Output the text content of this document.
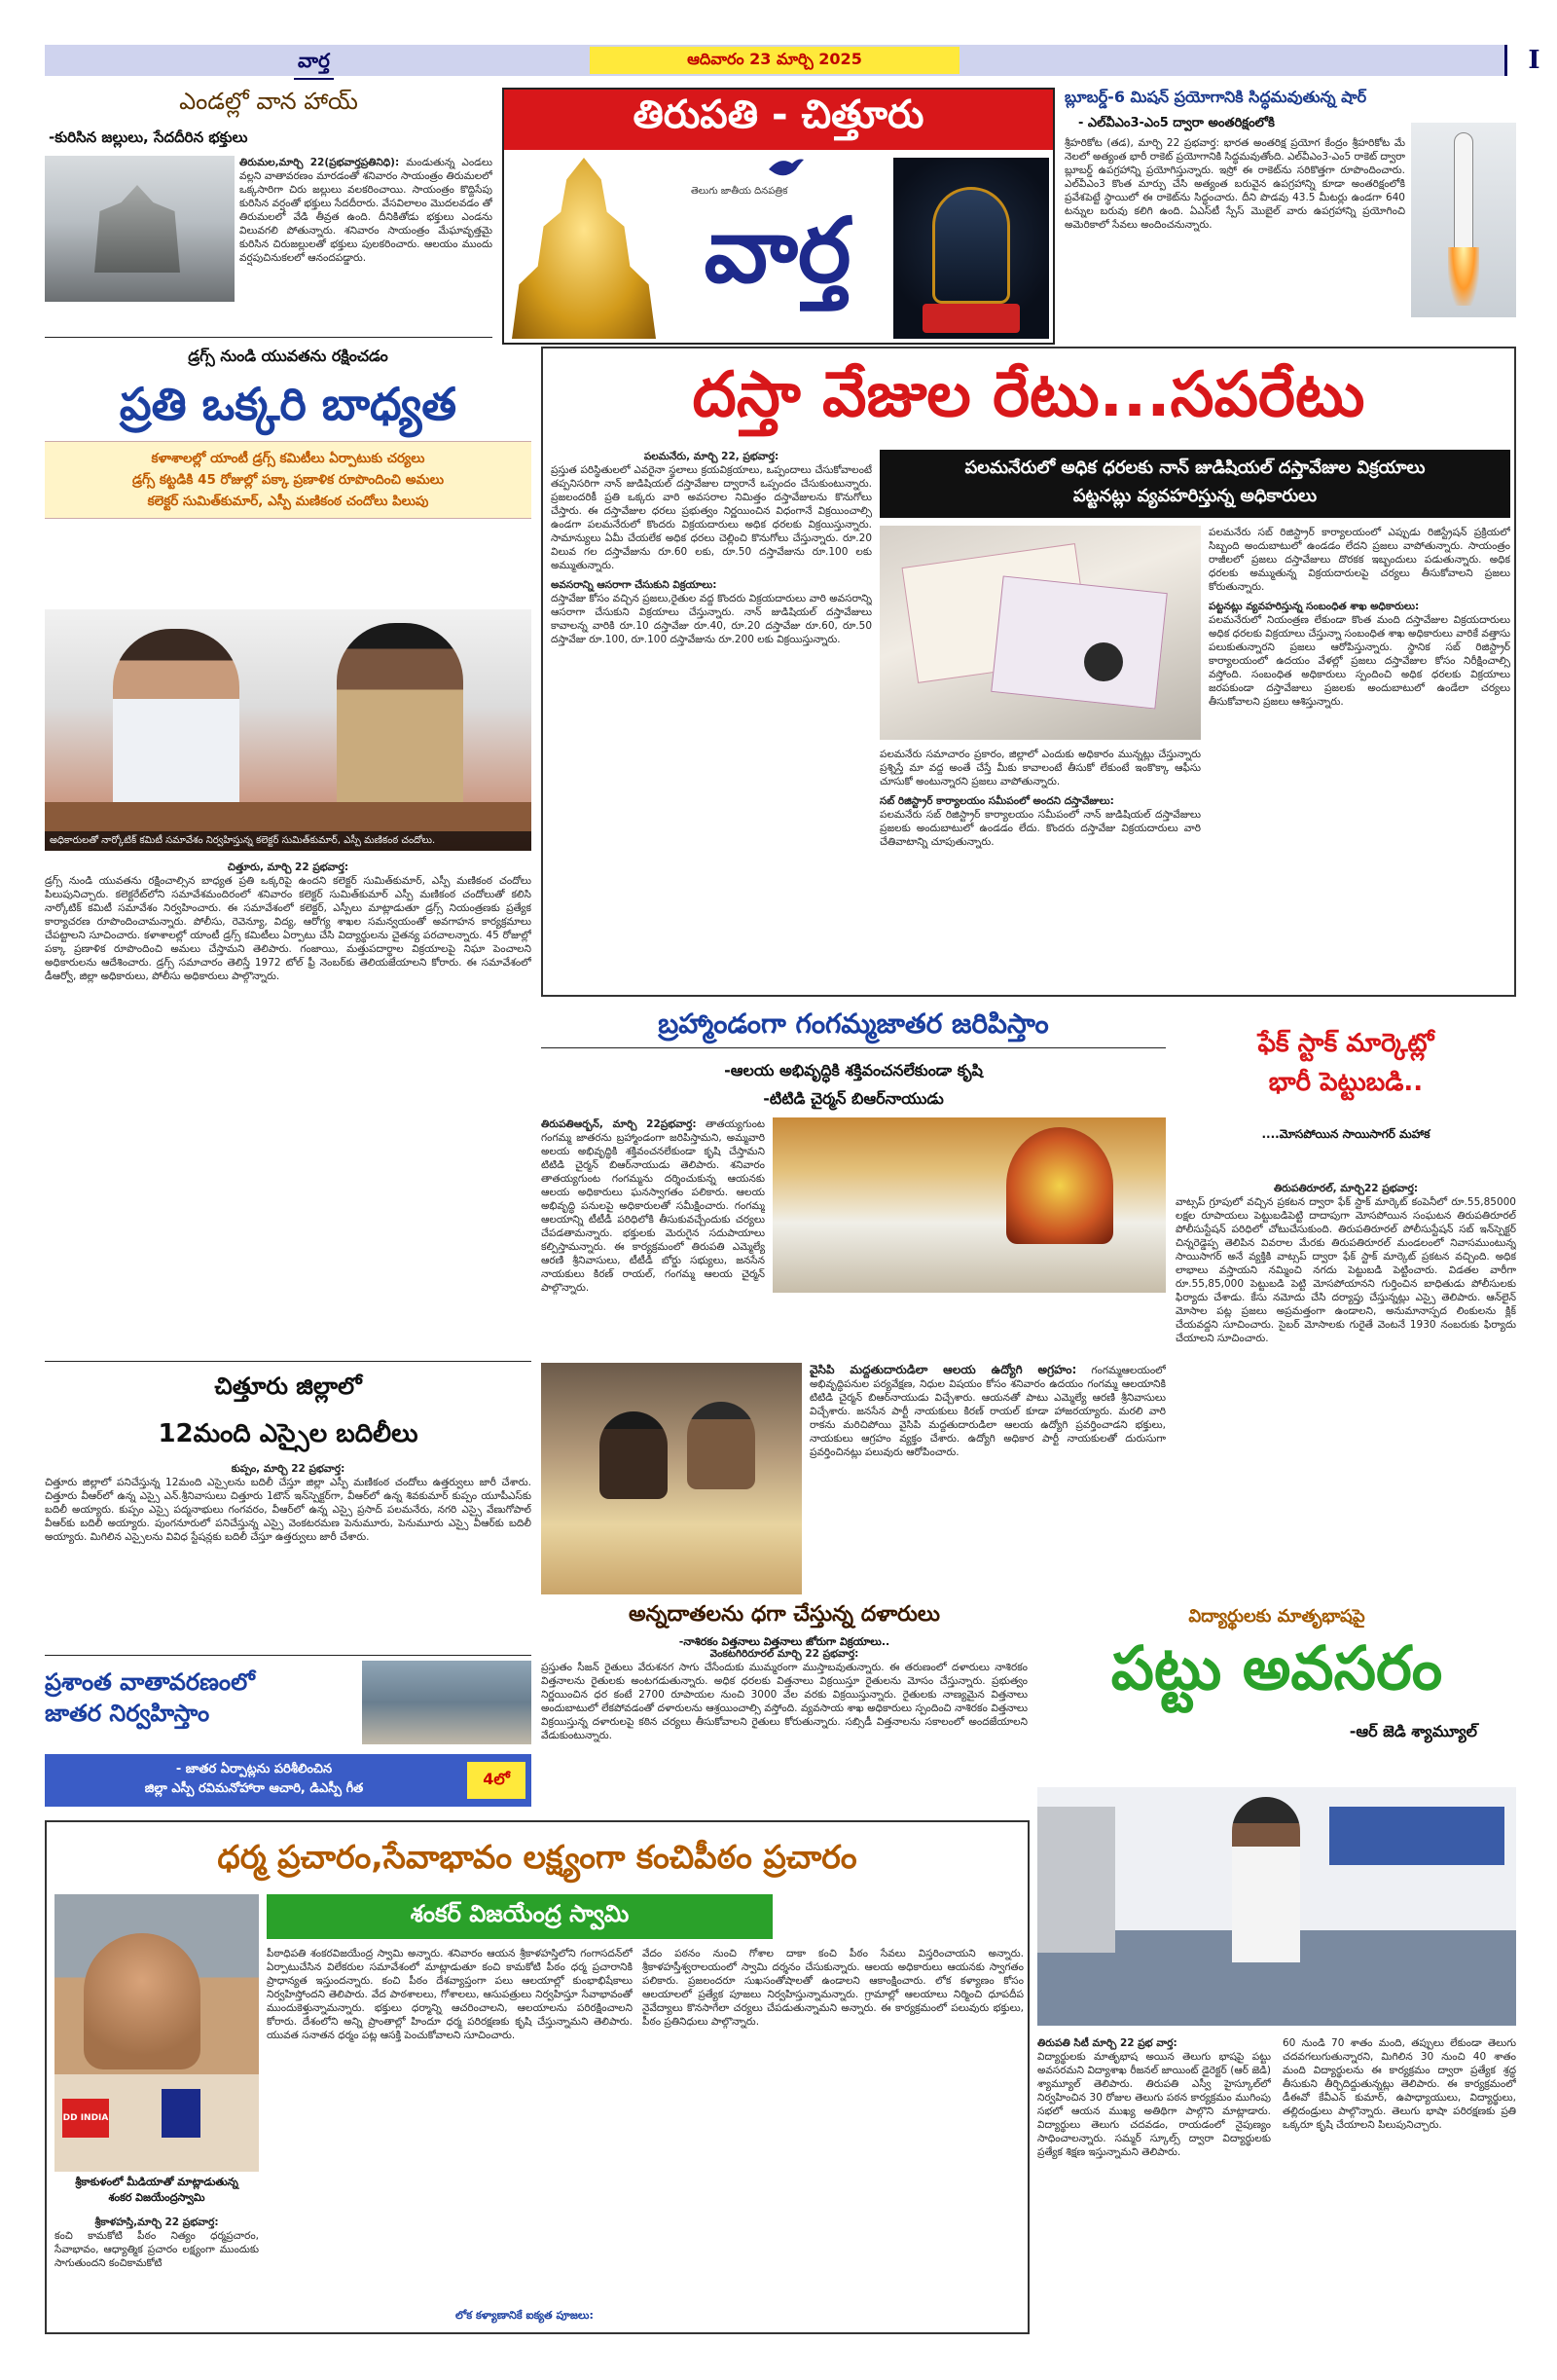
వార్త	ఆదివారం 23 మార్చి 2025	I
ఎండల్లో వాన హాయ్
-కురిసిన జల్లులు, సేదదీరిన భక్తులు
తిరుమల,మార్చి 22(ప్రభవార్తప్రతినిధి): మండుతున్న ఎండలు వల్లని వాతావరణం మారడంతో శనివారం సాయంత్రం తిరుమలలో ఒక్కసారిగా చిరు జల్లులు వలకరించాయి. సాయంత్రం కొద్దిసేపు కురిసిన వర్షంతో భక్తులు సేదదీరారు. వేసవిలాలం మొదలవడం తో తిరుమలలో వేడి తీవ్రత ఉంది. దీనికితోడు భక్తులు ఎండను విలువగలి పోతున్నారు. శనివారం సాయంత్రం మేఘావృత్తమై కురిసిన చిరుజల్లులతో భక్తులు పులకరించారు. ఆలయం ముందు వర్షపుచినుకలలో ఆనందపడ్డారు.
తిరుపతి - చిత్తూరు
తెలుగు జాతీయ దినపత్రిక
వార్త
బ్లూబర్డ్-6 మిషన్ ప్రయోగానికి సిద్ధమవుతున్న షార్
- ఎల్‌వీఎం3-ఎం5 ద్వారా అంతరిక్షంలోకి
శ్రీహరికోట (తడ), మార్చి 22 ప్రభవార్త: భారత అంతరిక్ష ప్రయోగ కేంద్రం శ్రీహరికోట మే నెలలో అత్యంత భారీ రాకెట్ ప్రయోగానికి సిద్ధమవుతోంది. ఎల్‌వీఎం3-ఎం5 రాకెట్ ద్వారా బ్లూబర్డ్ ఉపగ్రహాన్ని ప్రయోగిస్తున్నారు. ఇస్రో ఈ రాకెట్‌ను సరికొత్తగా రూపొందించారు. ఎల్‌వీఎం3 కొంత మార్పు చేసి అత్యంత బరువైన ఉపగ్రహాన్ని కూడా అంతరిక్షంలోకి ప్రవేశపెట్టే స్థాయిలో ఈ రాకెట్‌ను సిద్ధంచారు. దీని పొడవు 43.5 మీటర్లు ఉండగా 640 టన్నుల బరువు కలిగి ఉంది. ఏఎస్‌టీ స్పేస్ మొబైల్ వారు ఉపగ్రహాన్ని ప్రయోగించి అమెరికాలో సేవలు అందించనున్నారు.
డ్రగ్స్ నుండి యువతను రక్షించడం
ప్రతి ఒక్కరి బాధ్యత
కళాశాలల్లో యాంటీ డ్రగ్స్ కమిటీలు ఏర్పాటుకు చర్యలు
డ్రగ్స్ కట్టడికి 45 రోజుల్లో పక్కా ప్రణాళిక రూపొందించి అమలు
కలెక్టర్ సుమిత్‌కుమార్, ఎస్పీ మణికంఠ చందోలు పిలుపు
అధికారులతో నార్కోటిక్ కమిటీ సమావేశం నిర్వహిస్తున్న కలెక్టర్ సుమిత్‌కుమార్, ఎస్పీ మణికంఠ చందోలు.
చిత్తూరు, మార్చి 22 ప్రభవార్త:
డ్రగ్స్ నుండి యువతను రక్షించాల్సిన బాధ్యత ప్రతి ఒక్కరిపై ఉందని కలెక్టర్ సుమిత్‌కుమార్, ఎస్పీ మణికంఠ చందోలు పిలుపునిచ్చారు. కలెక్టరేట్‌లోని సమావేశమందిరంలో శనివారం కలెక్టర్ సుమిత్‌కుమార్ ఎస్పీ మణికంఠ చందోలుతో కలిసి నార్కోటిక్ కమిటీ సమావేశం నిర్వహించారు. ఈ సమావేశంలో కలెక్టర్, ఎస్పీలు మాట్లాడుతూ డ్రగ్స్ నియంత్రణకు ప్రత్యేక కార్యాచరణ రూపొందించామన్నారు. పోలీసు, రెవెన్యూ, విద్య, ఆరోగ్య శాఖల సమన్వయంతో అవగాహన కార్యక్రమాలు చేపట్టాలని సూచించారు. కళాశాలల్లో యాంటీ డ్రగ్స్ కమిటీలు ఏర్పాటు చేసి విద్యార్థులను చైతన్య పరచాలన్నారు. 45 రోజుల్లో పక్కా ప్రణాళిక రూపొందించి అమలు చేస్తామని తెలిపారు. గంజాయి, మత్తుపదార్థాల విక్రయాలపై నిఘా పెంచాలని అధికారులను ఆదేశించారు. డ్రగ్స్ సమాచారం తెలిస్తే 1972 టోల్ ఫ్రీ నెంబర్‌కు తెలియజేయాలని కోరారు. ఈ సమావేశంలో డీఆర్వో, జిల్లా అధికారులు, పోలీసు అధికారులు పాల్గొన్నారు.
చిత్తూరు జిల్లాలో
12మంది ఎస్సైల బదిలీలు
కుప్పం, మార్చి 22 ప్రభవార్త:
చిత్తూరు జిల్లాలో పనిచేస్తున్న 12మంది ఎస్సైలను బదిలీ చేస్తూ జిల్లా ఎస్పీ మణికంఠ చందోలు ఉత్తర్వులు జారీ చేశారు. చిత్తూరు వీఆర్‌లో ఉన్న ఎస్సై ఎన్‌.శ్రీనివాసులు చిత్తూరు 1టౌన్ ఇన్‌స్పెక్టర్‌గా, వీఆర్‌లో ఉన్న శివకుమార్ కుప్పం యూపీఎస్‌కు బదిలీ అయ్యారు. కుప్పం ఎస్సై పద్మనాభులు గంగవరం, వీఆర్‌లో ఉన్న ఎస్సై ప్రసాద్ పలమనేరు, నగరి ఎస్సై వేణుగోపాల్ వీఆర్‌కు బదిలీ అయ్యారు. పుంగనూరులో పనిచేస్తున్న ఎస్సై వెంకటరమణ పెనుమూరు, పెనుమూరు ఎస్సై వీఆర్‌కు బదిలీ అయ్యారు. మిగిలిన ఎస్సైలను వివిధ స్టేషన్లకు బదిలీ చేస్తూ ఉత్తర్వులు జారీ చేశారు.
ప్రశాంత వాతావరణంలో
జాతర నిర్వహిస్తాం
- జాతర ఏర్పాట్లను పరిశీలించిన
జిల్లా ఎస్పీ రవిమనోహారా ఆచారి, డిఎస్పీ గీత
4లో
దస్తా వేజుల రేటు...సపరేటు
పలమనేరు, మార్చి 22, ప్రభవార్త:
ప్రస్తుత పరిస్థితులలో ఎవరైనా స్థలాలు క్రయవిక్రయాలు, ఒప్పందాలు చేసుకోవాలంటే తప్పనిసరిగా నాన్ జుడిషియల్ దస్తావేజుల ద్వారానే ఒప్పందం చేసుకుంటున్నారు. ప్రజలందరికీ ప్రతి ఒక్కరు వారి అవసరాల నిమిత్తం దస్తావేజులను కొనుగోలు చేస్తారు. ఈ దస్తావేజుల ధరలు ప్రభుత్వం నిర్ణయించిన విధంగానే విక్రయించాల్సి ఉండగా పలమనేరులో కొందరు విక్రయదారులు అధిక ధరలకు విక్రయిస్తున్నారు. సామాన్యులు ఏమీ చేయలేక అధిక ధరలు చెల్లించి కొనుగోలు చేస్తున్నారు. రూ.20 విలువ గల దస్తావేజును రూ.60 లకు, రూ.50 దస్తావేజును రూ.100 లకు అమ్ముతున్నారు.
అవసరాన్ని ఆసరాగా చేసుకుని విక్రయాలు:
దస్తావేజు కోసం వచ్చిన ప్రజలు,రైతుల వద్ద కొందరు విక్రయదారులు వారి అవసరాన్ని ఆసరాగా చేసుకుని విక్రయాలు చేస్తున్నారు. నాన్ జుడిషియల్ దస్తావేజులు కావాలన్న వారికి రూ.10 దస్తావేజు రూ.40, రూ.20 దస్తావేజు రూ.60, రూ.50 దస్తావేజు రూ.100, రూ.100 దస్తావేజును రూ.200 లకు విక్రయిస్తున్నారు.
పలమనేరులో అధిక ధరలకు నాన్ జుడిషియల్ దస్తావేజుల విక్రయాలు
పట్టనట్లు వ్యవహరిస్తున్న అధికారులు
పలమనేరు సమాచారం ప్రకారం, జిల్లాలో ఎందుకు అధికారం మున్నట్లు చేస్తున్నారు ప్రశ్నిస్తే మా వద్ద అంతే చేస్తే మీకు కావాలంటే తీసుకో లేకుంటే ఇంకొక్కా ఆఫీసు చూసుకో అంటున్నారని ప్రజలు వాపోతున్నారు.
సబ్ రిజిస్ట్రార్ కార్యాలయం సమీపంలో అందని దస్తావేజులు:
పలమనేరు సబ్ రిజిస్ట్రార్ కార్యాలయం సమీపంలో నాన్ జుడిషియల్ దస్తావేజులు ప్రజలకు అందుబాటులో ఉండడం లేదు. కొందరు దస్తావేజు విక్రయదారులు వారి చేతివాటాన్ని చూపుతున్నారు.
పలమనేరు సబ్ రిజిస్ట్రార్ కార్యాలయంలో ఎప్పుడు రిజిస్ట్రేషన్ ప్రక్రియలో సిబ్బంది అందుబాటులో ఉండడం లేదని ప్రజలు వాపోతున్నారు. సాయంత్రం రాజీలలో ప్రజలు దస్తావేజులు దొరకక ఇబ్బందులు పడుతున్నారు. అధిక ధరలకు అమ్ముతున్న విక్రయదారులపై చర్యలు తీసుకోవాలని ప్రజలు కోరుతున్నారు.
పట్టనట్లు వ్యవహరిస్తున్న సంబంధిత శాఖ అధికారులు:
పలమనేరులో నియంత్రణ లేకుండా కొంత మంది దస్తావేజుల విక్రయదారులు అధిక ధరలకు విక్రయాలు చేస్తున్నా సంబంధిత శాఖ అధికారులు వారికే వత్తాసు పలుకుతున్నారని ప్రజలు ఆరోపిస్తున్నారు. స్థానిక సబ్ రిజిస్ట్రార్ కార్యాలయంలో ఉదయం వేళల్లో ప్రజలు దస్తావేజుల కోసం నిరీక్షించాల్సి వస్తోంది. సంబంధిత అధికారులు స్పందించి అధిక ధరలకు విక్రయాలు జరపకుండా దస్తావేజులు ప్రజలకు అందుబాటులో ఉండేలా చర్యలు తీసుకోవాలని ప్రజలు ఆశిస్తున్నారు.
బ్రహ్మాండంగా గంగమ్మజాతర జరిపిస్తాం
-ఆలయ అభివృద్ధికి శక్తివంచనలేకుండా కృషి
-టిటిడి చైర్మన్ బిఆర్‌నాయుడు
తిరుపతిఆర్బన్, మార్చి 22ప్రభవార్త: తాతయ్యగుంట గంగమ్మ జాతరను బ్రహ్మాండంగా జరిపిస్తామని, అమ్మవారి అలయ అభివృద్ధికి శక్తివంచనలేకుండా కృషి చేస్తామని టిటిడి చైర్మన్ బిఆర్‌నాయుడు తెలిపారు. శనివారం తాతయ్యగుంట గంగమ్మను దర్శించుకున్న ఆయనకు ఆలయ అధికారులు ఘనస్వాగతం పలికారు. ఆలయ అభివృద్ధి పనులపై అధికారులతో సమీక్షించారు. గంగమ్మ ఆలయాన్ని టీటీడీ పరిధిలోకి తీసుకువచ్చేందుకు చర్యలు చేపడతామన్నారు. భక్తులకు మెరుగైన సదుపాయాలు కల్పిస్తామన్నారు. ఈ కార్యక్రమంలో తిరుపతి ఎమ్మెల్యే ఆరణి శ్రీనివాసులు, టీటీడీ బోర్డు సభ్యులు, జనసేన నాయకులు కిరణ్ రాయల్, గంగమ్మ ఆలయ చైర్మన్ పాల్గొన్నారు.
ఫేక్ స్టాక్ మార్కెట్లో
భారీ పెట్టుబడి..
....మోసపోయిన సాయిసాగర్ మహాక
తిరుపతిరూరల్, మార్చి22 ప్రభవార్త:
వాట్సప్ గ్రూపులో వచ్చిన ప్రకటన ద్వారా ఫేక్ స్టాక్ మార్కెట్ కంపెనీలో రూ.55,85000 లక్షల రూపాయలు పెట్టుబడిపెట్టి దాదాపుగా మోసపోయిన సంఘటన తిరుపతిరూరల్ పోలీసుస్టేషన్ పరిధిలో చోటుచేసుకుంది. తిరుపతిరూరల్ పోలీసుస్టేషన్ సబ్ ఇన్‌స్పెక్టర్ చిన్నరెడ్డెప్ప తెలిపిన వివరాల మేరకు తిరుపతిరూరల్ మండలంలో నివాసముంటున్న సాయిసాగర్ అనే వ్యక్తికి వాట్సప్ ద్వారా ఫేక్ స్టాక్ మార్కెట్ ప్రకటన వచ్చింది. అధిక లాభాలు వస్తాయని నమ్మించి నగదు పెట్టుబడి పెట్టించారు. విడతల వారీగా రూ.55,85,000 పెట్టుబడి పెట్టి మోసపోయానని గుర్తించిన బాధితుడు పోలీసులకు ఫిర్యాదు చేశాడు. కేసు నమోదు చేసి దర్యాప్తు చేస్తున్నట్లు ఎస్సై తెలిపారు. ఆన్‌లైన్ మోసాల పట్ల ప్రజలు అప్రమత్తంగా ఉండాలని, అనుమానాస్పద లింకులను క్లిక్ చేయవద్దని సూచించారు. సైబర్ మోసాలకు గురైతే వెంటనే 1930 నంబరుకు ఫిర్యాదు చేయాలని సూచించారు.
వైసిపి మద్దతుదారుడిలా ఆలయ ఉద్యోగి అగ్రహం: గంగమ్మఆలయంలో అభివృద్ధిపనుల పర్యవేక్షణ, నిధుల విషయం కోసం శనివారం ఉదయం గంగమ్మ ఆలయానికి టిటిడి చైర్మన్ బిఆర్‌నాయుడు విచ్చేశారు. ఆయనతో పాటు ఎమ్మెల్యే ఆరణి శ్రీనివాసులు విచ్చేశారు. జనసేన పార్టీ నాయకులు కిరణ్ రాయల్‌ కూడా హాజరయ్యారు. మరలి వారి రాకను మరిచిపోయి వైసిపి మద్దతుదారుడిలా ఆలయ ఉద్యోగి ప్రవర్తించాడని భక్తులు, నాయకులు ఆగ్రహం వ్యక్తం చేశారు. ఉద్యోగి అధికార పార్టీ నాయకులతో దురుసుగా ప్రవర్తించినట్లు పలువురు ఆరోపించారు.
అన్నదాతలను ధగా చేస్తున్న దళారులు
-నాశిరకం విత్తనాలు విత్తనాలు జోరుగా విక్రయాలు..
వెంకటగిరిరూరల్ మార్చి 22 ప్రభవార్త:
ప్రస్తుతం సీజన్ రైతులు వేరుశనగ సాగు చేసేందుకు ముమ్మరంగా ముస్తాబవుతున్నారు. ఈ తరుణంలో దళారులు నాశిరకం విత్తనాలను రైతులకు అంటగడుతున్నారు. అధిక ధరలకు విత్తనాలు విక్రయిస్తూ రైతులను మోసం చేస్తున్నారు. ప్రభుత్వం నిర్ణయించిన ధర కంటే 2700 రూపాయల నుంచి 3000 వేల వరకు విక్రయిస్తున్నారు. రైతులకు నాణ్యమైన విత్తనాలు అందుబాటులో లేకపోవడంతో దళారులను ఆశ్రయించాల్సి వస్తోంది. వ్యవసాయ శాఖ అధికారులు స్పందించి నాశిరకం విత్తనాలు విక్రయిస్తున్న దళారులపై కఠిన చర్యలు తీసుకోవాలని రైతులు కోరుతున్నారు. సబ్సిడీ విత్తనాలను సకాలంలో అందజేయాలని వేడుకుంటున్నారు.
విద్యార్థులకు మాతృభాషపై
పట్టు అవసరం
-ఆర్ జెడి శ్యామ్యూల్
తిరుపతి సిటీ మార్చి 22 ప్రభ వార్త:
విద్యార్థులకు మాతృభాష అయిన తెలుగు భాషపై పట్టు అవసరమని విద్యాశాఖ రీజనల్ జాయింట్ డైరెక్టర్ (ఆర్ జెడి) శ్యామ్యూల్ తెలిపారు. తిరుపతి ఎస్వీ హైస్కూల్‌లో నిర్వహించిన 30 రోజుల తెలుగు పఠన కార్యక్రమం ముగింపు సభలో ఆయన ముఖ్య అతిథిగా పాల్గొని మాట్లాడారు. విద్యార్థులు తెలుగు చదవడం, రాయడంలో నైపుణ్యం సాధించాలన్నారు. సమ్మర్ స్కూల్స్ ద్వారా విద్యార్థులకు ప్రత్యేక శిక్షణ ఇస్తున్నామని తెలిపారు.
60 నుండి 70 శాతం మంది, తప్పులు లేకుండా తెలుగు చదవగలుగుతున్నారని, మిగిలిన 30 నుంచి 40 శాతం మంది విద్యార్థులను ఈ కార్యక్రమం ద్వారా ప్రత్యేక శ్రద్ధ తీసుకుని తీర్చిదిద్దుతున్నట్లు తెలిపారు. ఈ కార్యక్రమంలో డీఈవో కేవీఎన్ కుమార్, ఉపాధ్యాయులు, విద్యార్థులు, తల్లిదండ్రులు పాల్గొన్నారు. తెలుగు భాషా పరిరక్షణకు ప్రతి ఒక్కరూ కృషి చేయాలని పిలుపునిచ్చారు.
ధర్మ ప్రచారం,సేవాభావం లక్ష్యంగా కంచిపీఠం ప్రచారం
DD INDIA
శ్రీకాకుళంలో మీడియాతో మాట్లాడుతున్న
శంకర విజయేంద్రస్వామి
శంకర్ విజయేంద్ర స్వామి
శ్రీకాళహస్తి,మార్చి 22 ప్రభవార్త:
కంచి కామకోటి పీఠం నిత్యం ధర్మప్రచారం, సేవాభావం, ఆధ్యాత్మిక ప్రచారం లక్ష్యంగా ముందుకు సాగుతుందని కంచికామకోటి
పీఠాధిపతి శంకరవిజయేంద్ర స్వామి అన్నారు. శనివారం ఆయన శ్రీకాళహస్తిలోని గంగాసదన్‌లో ఏర్పాటుచేసిన విలేకరుల సమావేశంలో మాట్లాడుతూ కంచి కామకోటి పీఠం ధర్మ ప్రచారానికి ప్రాధాన్యత ఇస్తుందన్నారు. కంచి పీఠం దేశవ్యాప్తంగా పలు ఆలయాల్లో కుంభాభిషేకాలు నిర్వహిస్తోందని తెలిపారు. వేద పాఠశాలలు, గోశాలలు, ఆసుపత్రులు నిర్వహిస్తూ సేవాభావంతో ముందుకెళ్తున్నామన్నారు. భక్తులు ధర్మాన్ని ఆచరించాలని, ఆలయాలను పరిరక్షించాలని కోరారు. దేశంలోని అన్ని ప్రాంతాల్లో హిందూ ధర్మ పరిరక్షణకు కృషి చేస్తున్నామని తెలిపారు. యువత సనాతన ధర్మం పట్ల ఆసక్తి పెంచుకోవాలని సూచించారు.
వేదం పఠనం నుంచి గోశాల దాకా కంచి పీఠం సేవలు విస్తరించాయని అన్నారు. శ్రీకాళహస్తీశ్వరాలయంలో స్వామి దర్శనం చేసుకున్నారు. ఆలయ అధికారులు ఆయనకు స్వాగతం పలికారు. ప్రజలందరూ సుఖసంతోషాలతో ఉండాలని ఆకాంక్షించారు. లోక కళ్యాణం కోసం ఆలయాలలో ప్రత్యేక పూజలు నిర్వహిస్తున్నామన్నారు. గ్రామాల్లో ఆలయాలు నిర్మించి ధూపదీప నైవేద్యాలు కొనసాగేలా చర్యలు చేపడుతున్నామని అన్నారు. ఈ కార్యక్రమంలో పలువురు భక్తులు, పీఠం ప్రతినిధులు పాల్గొన్నారు.
లోక కళ్యాణానికే ఐక్యత పూజలు:
